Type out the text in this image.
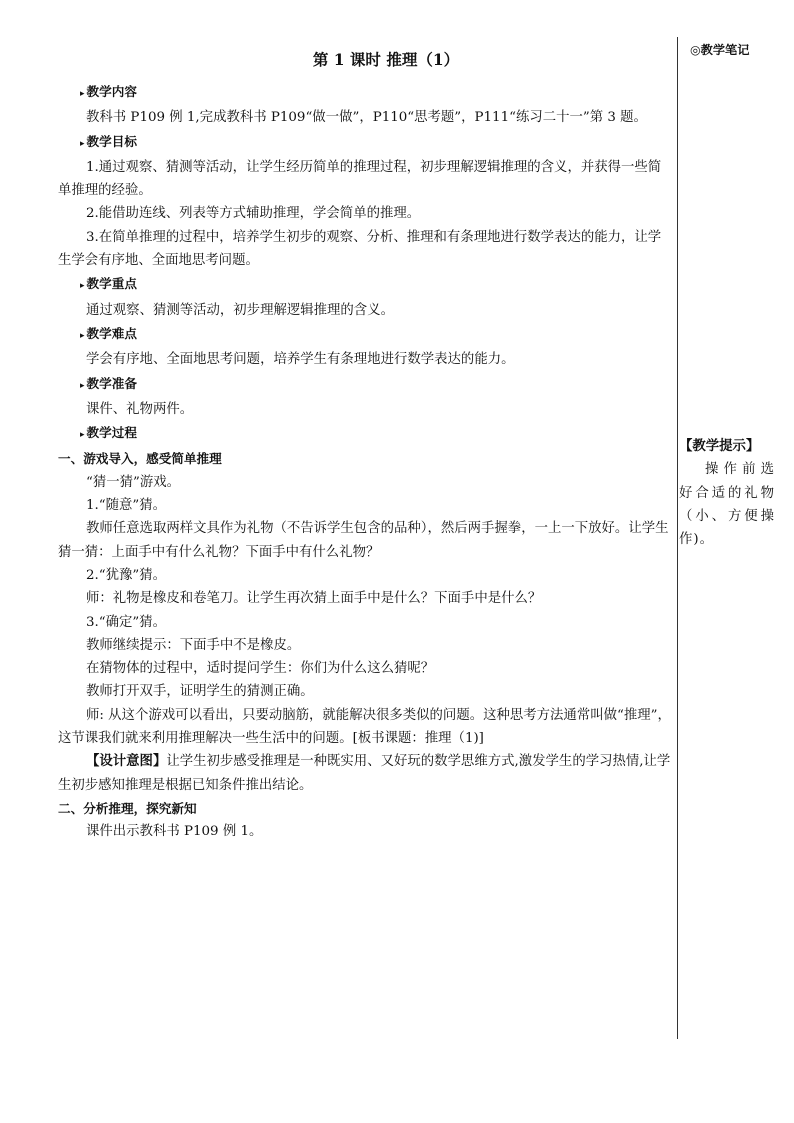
第 1 课时 推理（1）
▸ 教学内容

教科书 P109 例 1,完成教科书 P109“做一做”，P110“思考题”，P111“练习二十一”第 3 题。

▸ 教学目标

1.通过观察、猜测等活动，让学生经历简单的推理过程，初步理解逻辑推理的含义，并获得一些简单推理的经验。

2.能借助连线、列表等方式辅助推理，学会简单的推理。

3.在简单推理的过程中，培养学生初步的观察、分析、推理和有条理地进行数学表达的能力，让学生学会有序地、全面地思考问题。

▸ 教学重点

通过观察、猜测等活动，初步理解逻辑推理的含义。

▸ 教学难点

学会有序地、全面地思考问题，培养学生有条理地进行数学表达的能力。

▸ 教学准备

课件、礼物两件。

▸ 教学过程
一、游戏导入，感受简单推理

“猜一猜”游戏。

1.“随意”猜。

教师任意选取两样文具作为礼物（不告诉学生包含的品种），然后两手握拳，一上一下放好。让学生猜一猜：上面手中有什么礼物？下面手中有什么礼物？

2.“犹豫”猜。

师：礼物是橡皮和卷笔刀。让学生再次猜上面手中是什么？下面手中是什么？

3.“确定”猜。

教师继续提示：下面手中不是橡皮。

在猜物体的过程中，适时提问学生：你们为什么这么猜呢？

教师打开双手，证明学生的猜测正确。

师: 从这个游戏可以看出，只要动脑筋，就能解决很多类似的问题。这种思考方法通常叫做“推理”，这节课我们就来利用推理解决一些生活中的问题。[板书课题：推理（1)]

【设计意图】让学生初步感受推理是一种既实用、又好玩的数学思维方式,激发学生的学习热情,让学生初步感知推理是根据已知条件推出结论。

二、分析推理，探究新知

课件出示教科书 P109 例 1。

◎教学笔记
【教学提示】
操作前选好合适的礼物（小、方便操作)。
